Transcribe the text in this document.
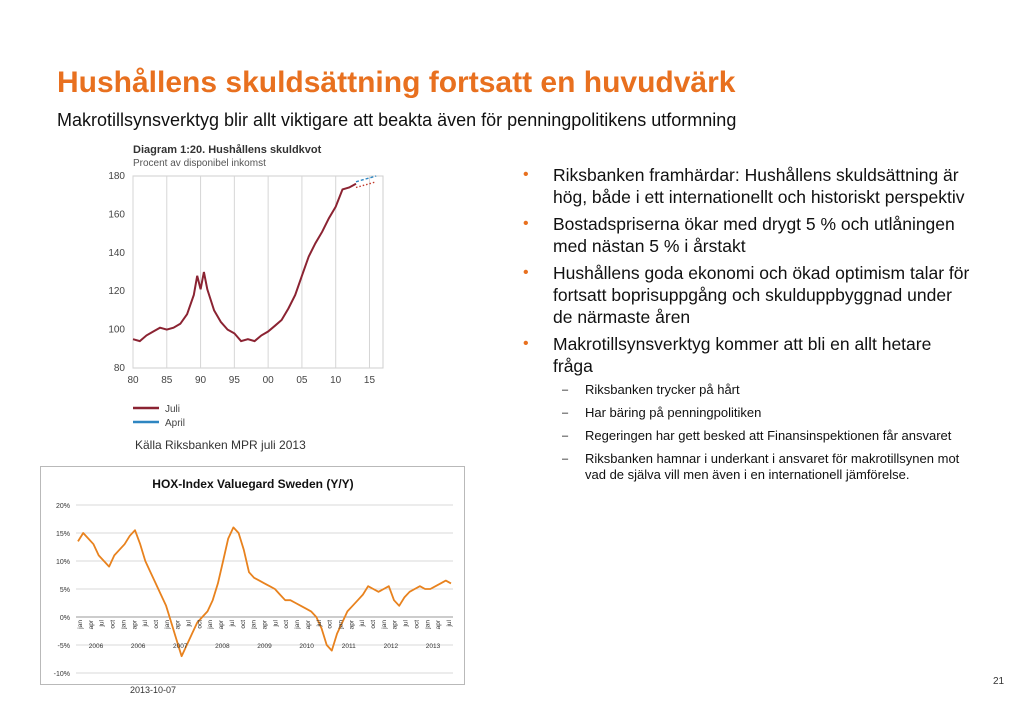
Hushållens skuldsättning fortsatt en huvudvärk
Makrotillsynsverktyg blir allt viktigare att beakta även för penningpolitikens utformning
Diagram 1:20. Hushållens skuldkvot
Procent av disponibel inkomst
80 85 90 95 00 05 10 15
80
100
120
140
160
180
Juli
April
Källa Riksbanken MPR juli 2013
HOX-Index Valuegard Sweden (Y/Y)
20%
15%
10%
5%
0%
-5%
-10%
jan apr jul oct jan apr jul oct jan apr jul oct jan apr jul oct jan apr jul oct jan apr jul oct jan apr jul oct jan apr jul oct jan apr jul
2006	2006	2007	2008	2009	2010	2011	2012	2013
2013-10-07
21
• Riksbanken framhärdar: Hushållens skuldsättning är hög, både i ett internationellt och historiskt perspektiv
• Bostadspriserna ökar med drygt 5 % och utlåningen med nästan 5 % i årstakt
• Hushållens goda ekonomi och ökad optimism talar för fortsatt boprisuppgång och skulduppbyggnad under de närmaste åren
• Makrotillsynsverktyg kommer att bli en allt hetare fråga
– Riksbanken trycker på hårt
– Har bäring på penningpolitiken
– Regeringen har gett besked att Finansinspektionen får ansvaret
– Riksbanken hamnar i underkant i ansvaret för makrotillsynen mot vad de själva vill men även i en internationell jämförelse.
